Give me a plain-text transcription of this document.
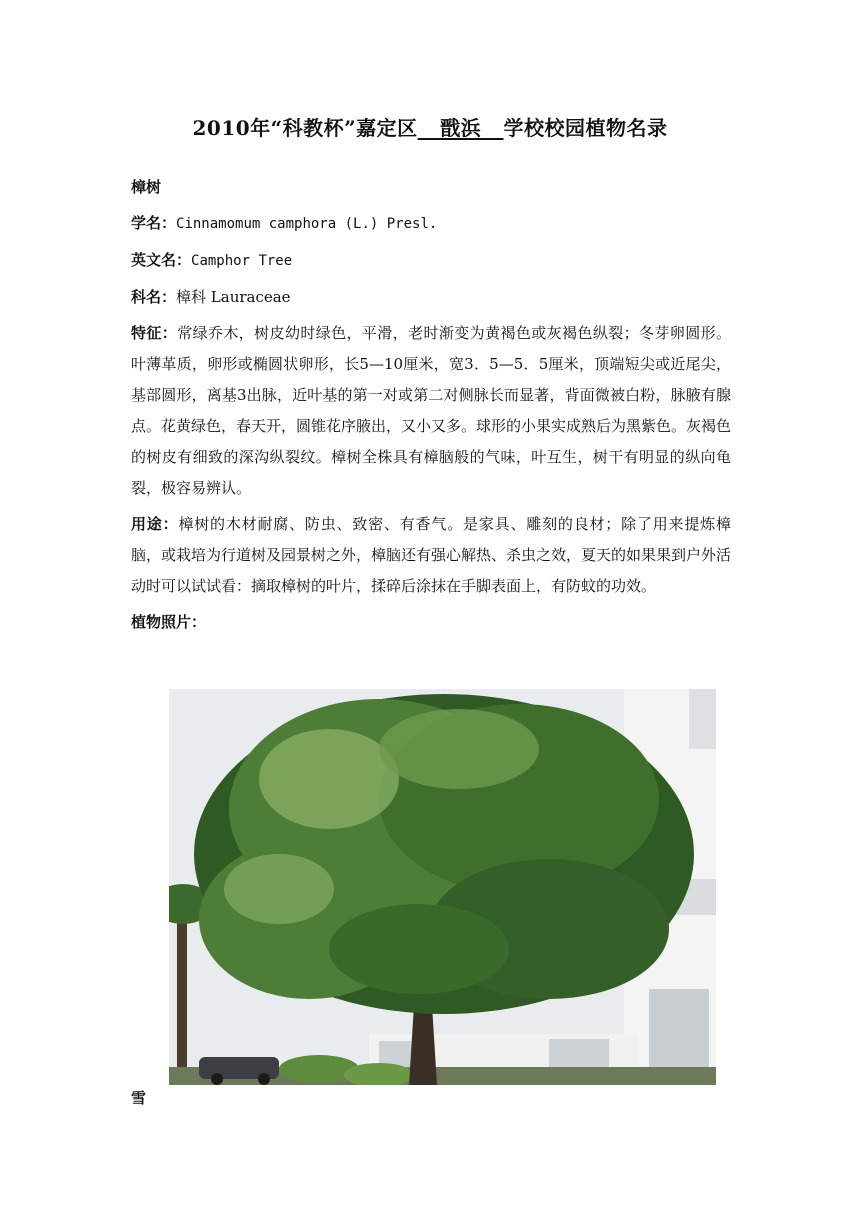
2010年“科教杯”嘉定区   戬浜   学校校园植物名录

樟树

学名：Cinnamomum camphora (L.) Presl.

英文名：Camphor Tree

科名：樟科 Lauraceae

特征：常绿乔木，树皮幼时绿色，平滑，老时渐变为黄褐色或灰褐色纵裂；冬芽卵圆形。叶薄革质，卵形或椭圆状卵形，长5—10厘米，宽3．5—5．5厘米，顶端短尖或近尾尖，基部圆形，离基3出脉，近叶基的第一对或第二对侧脉长而显著，背面微被白粉，脉腋有腺点。花黄绿色，春天开，圆锥花序腋出，又小又多。球形的小果实成熟后为黑紫色。灰褐色的树皮有细致的深沟纵裂纹。樟树全株具有樟脑般的气味，叶互生，树干有明显的纵向龟裂，极容易辨认。

用途：樟树的木材耐腐、防虫、致密、有香气。是家具、雕刻的良材；除了用来提炼樟脑，或栽培为行道树及园景树之外，樟脑还有强心解热、杀虫之效，夏天的如果果到户外活动时可以试试看：摘取樟树的叶片，揉碎后涂抹在手脚表面上，有防蚊的功效。

植物照片：

雪
